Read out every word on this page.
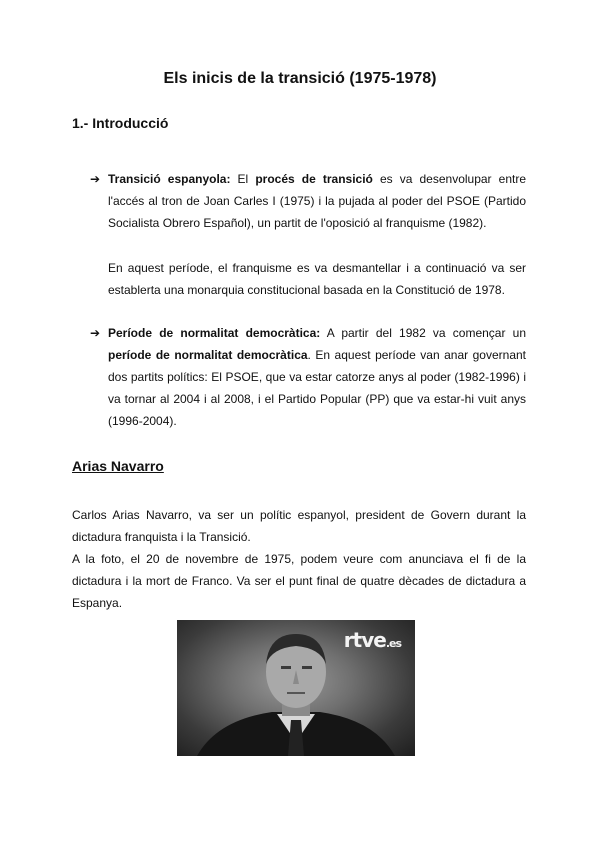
Els inicis de la transició (1975-1978)
1.- Introducció
➔ Transició espanyola: El procés de transició es va desenvolupar entre l'accés al tron de Joan Carles I (1975) i la pujada al poder del PSOE (Partido Socialista Obrero Español), un partit de l'oposició al franquisme (1982).

En aquest període, el franquisme es va desmantellar i a continuació va ser establerta una monarquia constitucional basada en la Constitució de 1978.

➔ Període de normalitat democràtica: A partir del 1982 va començar un període de normalitat democràtica. En aquest període van anar governant dos partits polítics: El PSOE, que va estar catorze anys al poder (1982-1996) i va tornar al 2004 i al 2008, i el Partido Popular (PP) que va estar-hi vuit anys (1996-2004).

Arias Navarro

Carlos Arias Navarro, va ser un polític espanyol, president de Govern durant la dictadura franquista i la Transició.

A la foto, el 20 de novembre de 1975, podem veure com anunciava el fi de la dictadura i la mort de Franco. Va ser el punt final de quatre dècades de dictadura a Espanya.

rtve.es
